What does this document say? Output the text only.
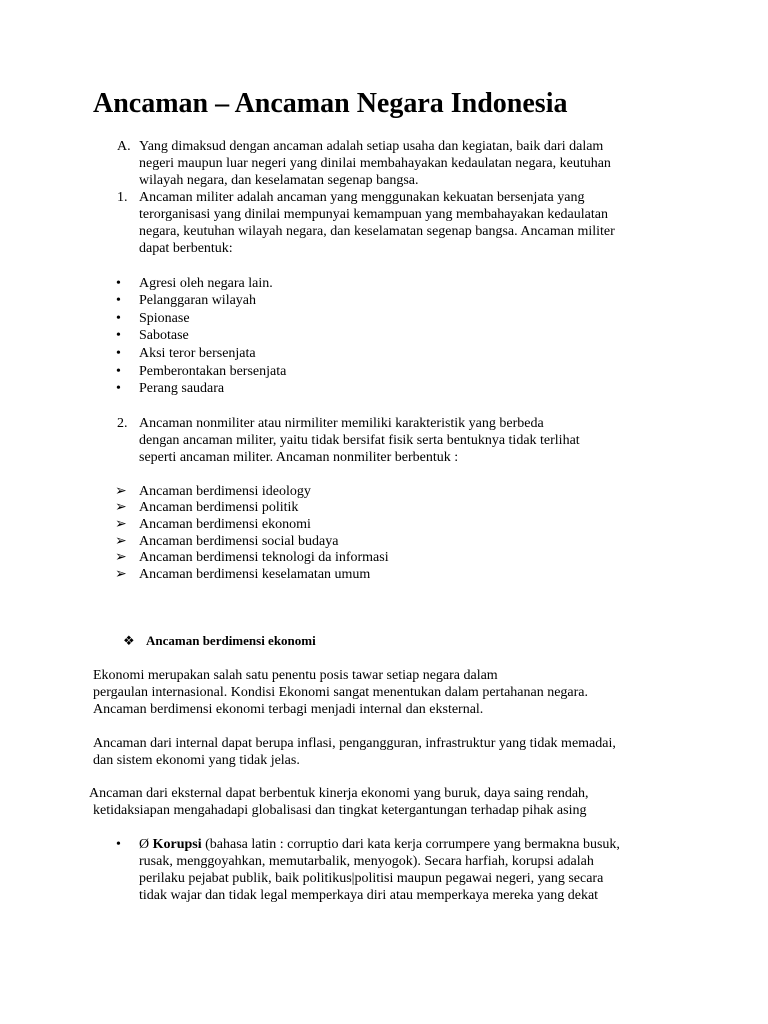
Ancaman – Ancaman Negara Indonesia
A. Yang dimaksud dengan ancaman adalah setiap usaha dan kegiatan, baik dari dalam
negeri maupun luar negeri yang dinilai membahayakan kedaulatan negara, keutuhan
wilayah negara, dan keselamatan segenap bangsa.
1. Ancaman militer adalah ancaman yang menggunakan kekuatan bersenjata yang
terorganisasi yang dinilai mempunyai kemampuan yang membahayakan kedaulatan
negara, keutuhan wilayah negara, dan keselamatan segenap bangsa. Ancaman militer
dapat berbentuk:
• Agresi oleh negara lain.
• Pelanggaran wilayah
• Spionase
• Sabotase
• Aksi teror bersenjata
• Pemberontakan bersenjata
• Perang saudara
2. Ancaman nonmiliter atau nirmiliter memiliki karakteristik yang berbeda
dengan ancaman militer, yaitu tidak bersifat fisik serta bentuknya tidak terlihat
seperti ancaman militer. Ancaman nonmiliter berbentuk :
➢ Ancaman berdimensi ideology
➢ Ancaman berdimensi politik
➢ Ancaman berdimensi ekonomi
➢ Ancaman berdimensi social budaya
➢ Ancaman berdimensi teknologi da informasi
➢ Ancaman berdimensi keselamatan umum
❖ Ancaman berdimensi ekonomi
Ekonomi merupakan salah satu penentu posis tawar setiap negara dalam
pergaulan internasional. Kondisi Ekonomi sangat menentukan dalam pertahanan negara.
Ancaman berdimensi ekonomi terbagi menjadi internal dan eksternal.
Ancaman dari internal dapat berupa inflasi, pengangguran, infrastruktur yang tidak memadai,
dan sistem ekonomi yang tidak jelas.
Ancaman dari eksternal dapat berbentuk kinerja ekonomi yang buruk, daya saing rendah,
ketidaksiapan mengahadapi globalisasi dan tingkat ketergantungan terhadap pihak asing
• Ø Korupsi (bahasa latin : corruptio dari kata kerja corrumpere yang bermakna busuk,
rusak, menggoyahkan, memutarbalik, menyogok). Secara harfiah, korupsi adalah
perilaku pejabat publik, baik politikus|politisi maupun pegawai negeri, yang secara
tidak wajar dan tidak legal memperkaya diri atau memperkaya mereka yang dekat
